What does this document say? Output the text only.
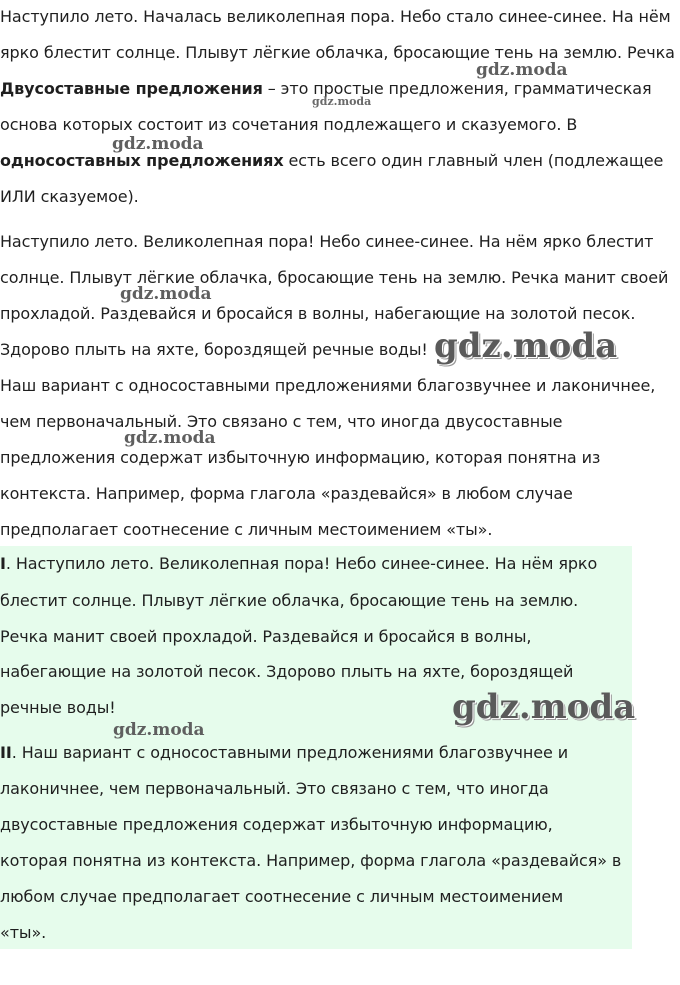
Наступило лето. Началась великолепная пора. Небо стало синее-синее. На нём
ярко блестит солнце. Плывут лёгкие облачка, бросающие тень на землю. Речка
Двусоставные предложения – это простые предложения, грамматическая
основа которых состоит из сочетания подлежащего и сказуемого. В
односоставных предложениях есть всего один главный член (подлежащее
ИЛИ сказуемое).
Наступило лето. Великолепная пора! Небо синее-синее. На нём ярко блестит
солнце. Плывут лёгкие облачка, бросающие тень на землю. Речка манит своей
прохладой. Раздевайся и бросайся в волны, набегающие на золотой песок.
Здорово плыть на яхте, бороздящей речные воды!
Наш вариант с односоставными предложениями благозвучнее и лаконичнее,
чем первоначальный. Это связано с тем, что иногда двусоставные
предложения содержат избыточную информацию, которая понятна из
контекста. Например, форма глагола «раздевайся» в любом случае
предполагает соотнесение с личным местоимением «ты».
I. Наступило лето. Великолепная пора! Небо синее-синее. На нём ярко
блестит солнце. Плывут лёгкие облачка, бросающие тень на землю.
Речка манит своей прохладой. Раздевайся и бросайся в волны,
набегающие на золотой песок. Здорово плыть на яхте, бороздящей
речные воды!
II. Наш вариант с односоставными предложениями благозвучнее и
лаконичнее, чем первоначальный. Это связано с тем, что иногда
двусоставные предложения содержат избыточную информацию,
которая понятна из контекста. Например, форма глагола «раздевайся» в
любом случае предполагает соотнесение с личным местоимением
«ты».
gdz.moda
gdz.moda
gdz.moda
gdz.moda
gdz.moda
gdz.moda
gdz.moda
gdz.moda
